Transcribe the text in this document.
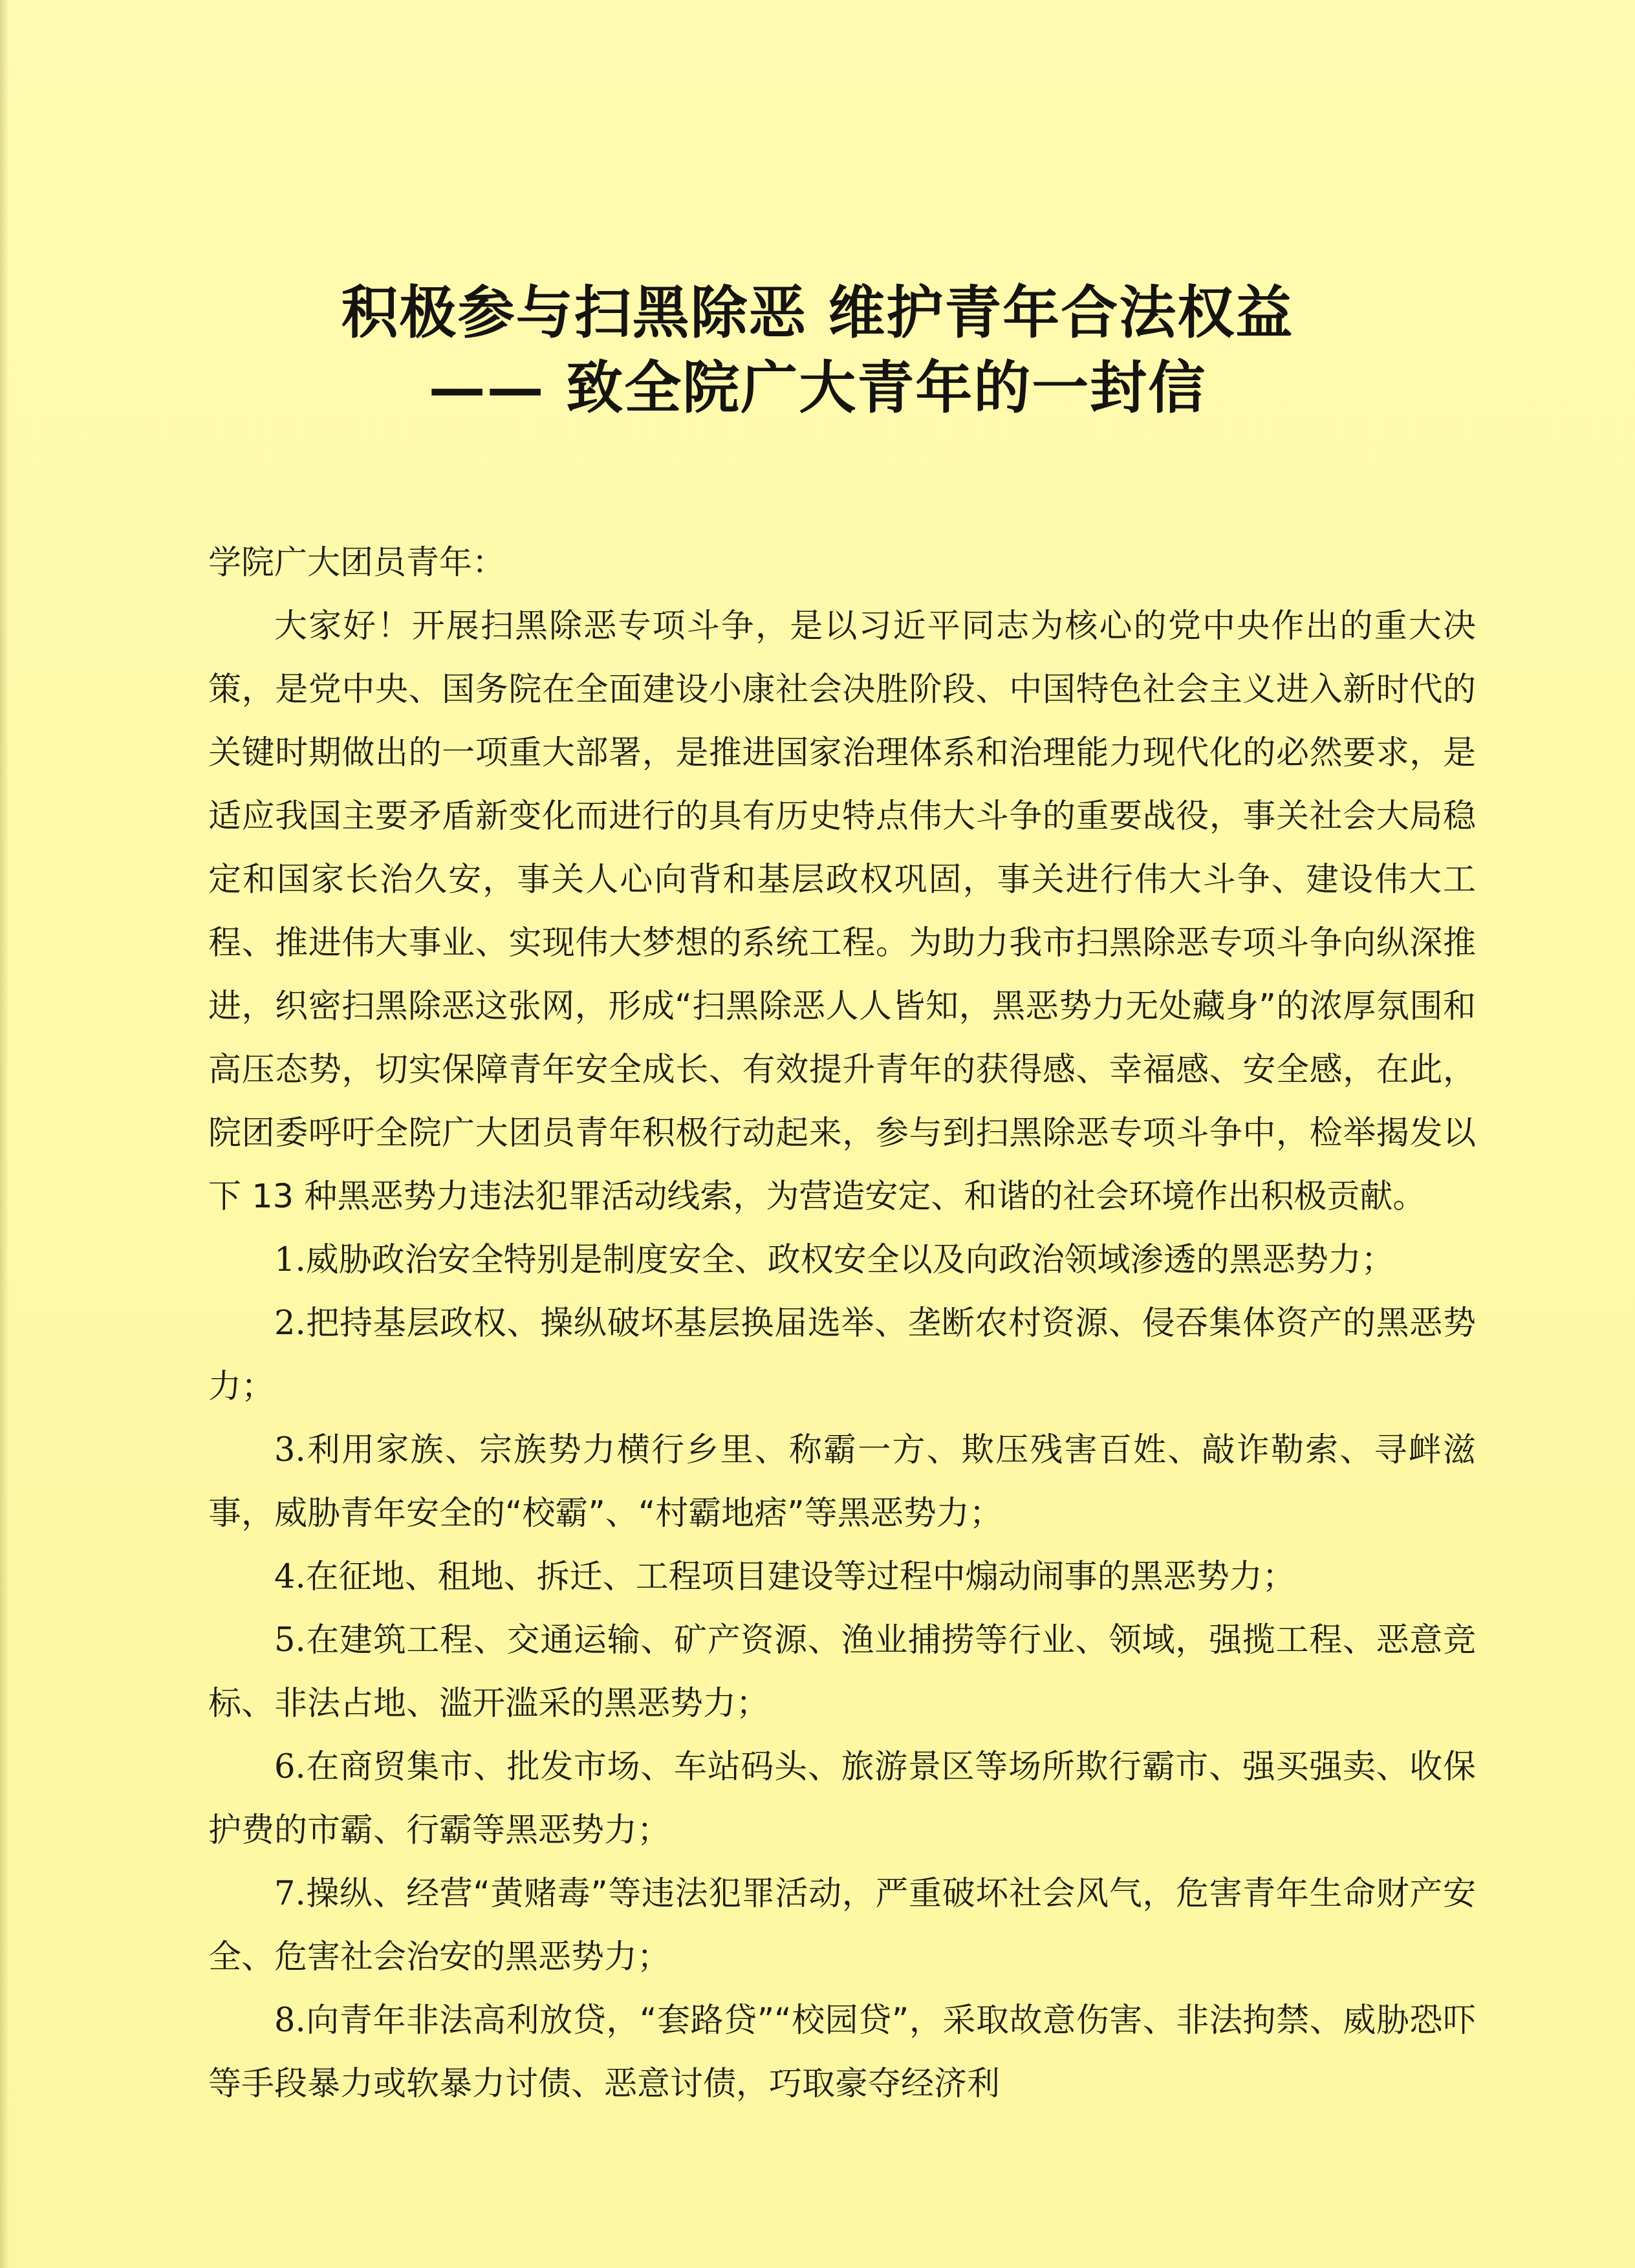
积极参与扫黑除恶 维护青年合法权益
—— 致全院广大青年的一封信
学院广大团员青年：

大家好！开展扫黑除恶专项斗争，是以习近平同志为核心的党中央作出的重大决策，是党中央、国务院在全面建设小康社会决胜阶段、中国特色社会主义进入新时代的关键时期做出的一项重大部署，是推进国家治理体系和治理能力现代化的必然要求，是适应我国主要矛盾新变化而进行的具有历史特点伟大斗争的重要战役，事关社会大局稳定和国家长治久安，事关人心向背和基层政权巩固，事关进行伟大斗争、建设伟大工程、推进伟大事业、实现伟大梦想的系统工程。为助力我市扫黑除恶专项斗争向纵深推进，织密扫黑除恶这张网，形成“扫黑除恶人人皆知，黑恶势力无处藏身”的浓厚氛围和高压态势，切实保障青年安全成长、有效提升青年的获得感、幸福感、安全感，在此，院团委呼吁全院广大团员青年积极行动起来，参与到扫黑除恶专项斗争中，检举揭发以下 13 种黑恶势力违法犯罪活动线索，为营造安定、和谐的社会环境作出积极贡献。

1.威胁政治安全特别是制度安全、政权安全以及向政治领域渗透的黑恶势力；

2.把持基层政权、操纵破坏基层换届选举、垄断农村资源、侵吞集体资产的黑恶势力；

3.利用家族、宗族势力横行乡里、称霸一方、欺压残害百姓、敲诈勒索、寻衅滋事，威胁青年安全的“校霸”、“村霸地痞”等黑恶势力；

4.在征地、租地、拆迁、工程项目建设等过程中煽动闹事的黑恶势力；

5.在建筑工程、交通运输、矿产资源、渔业捕捞等行业、领域，强揽工程、恶意竞标、非法占地、滥开滥采的黑恶势力；

6.在商贸集市、批发市场、车站码头、旅游景区等场所欺行霸市、强买强卖、收保护费的市霸、行霸等黑恶势力；

7.操纵、经营“黄赌毒”等违法犯罪活动，严重破坏社会风气，危害青年生命财产安全、危害社会治安的黑恶势力；

8.向青年非法高利放贷，“套路贷”“校园贷”，采取故意伤害、非法拘禁、威胁恐吓等手段暴力或软暴力讨债、恶意讨债，巧取豪夺经济利
